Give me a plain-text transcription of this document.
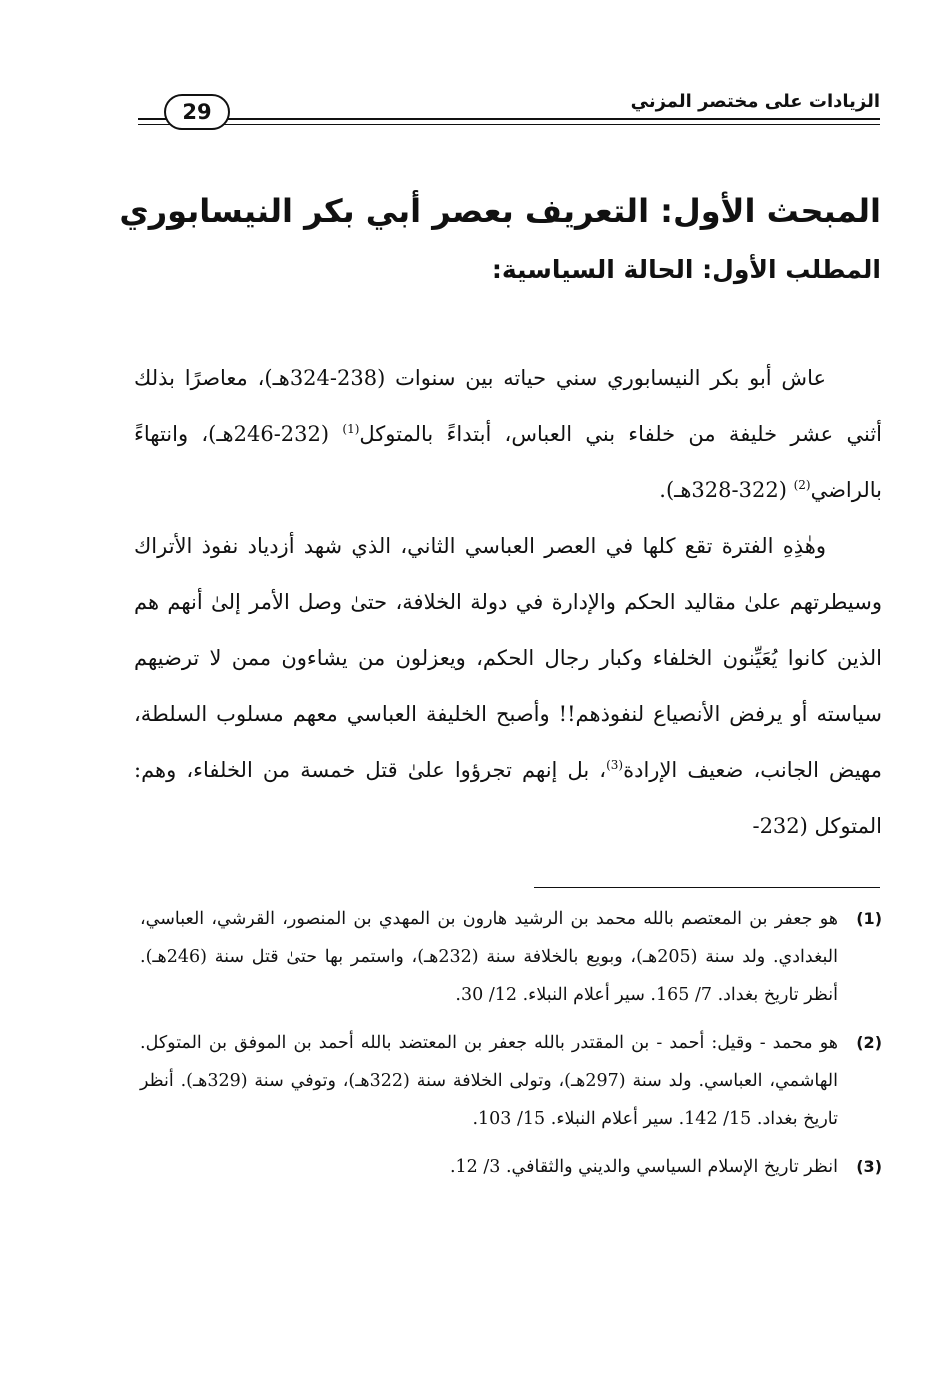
29	الزيادات على مختصر المزني
المبحث الأول: التعريف بعصر أبي بكر النيسابوري
المطلب الأول: الحالة السياسية:

عاش أبو بكر النيسابوري سني حياته بين سنوات (238-324هـ)، معاصرًا بذلك أثني عشر خليفة من خلفاء بني العباس، أبتداءً بالمتوكل$^{(1)}$ (232-246هـ)، وانتهاءً بالراضي$^{(2)}$ (322-328هـ).

وهٰذِهِ الفترة تقع كلها في العصر العباسي الثاني، الذي شهد أزدياد نفوذ الأتراك وسيطرتهم علىٰ مقاليد الحكم والإدارة في دولة الخلافة، حتىٰ وصل الأمر إلىٰ أنهم هم الذين كانوا يُعَيِّنون الخلفاء وكبار رجال الحكم، ويعزلون من يشاءون ممن لا ترضيهم سياسته أو يرفض الأنصياع لنفوذهم!! وأصبح الخليفة العباسي معهم مسلوب السلطة، مهيض الجانب، ضعيف الإرادة$^{(3)}$، بل إنهم تجرؤوا علىٰ قتل خمسة من الخلفاء، وهم: المتوكل (232-

(1)
هو جعفر بن المعتصم بالله محمد بن الرشيد هارون بن المهدي بن المنصور، القرشي، العباسي، البغدادي. ولد سنة (205هـ)، وبويع بالخلافة سنة (232هـ)، واستمر بها حتىٰ قتل سنة (246هـ). أنظر تاريخ بغداد. 7/ 165. سير أعلام النبلاء. 12/ 30.
(2)
هو محمد - وقيل: أحمد - بن المقتدر بالله جعفر بن المعتضد بالله أحمد بن الموفق بن المتوكل. الهاشمي، العباسي. ولد سنة (297هـ)، وتولى الخلافة سنة (322هـ)، وتوفي سنة (329هـ). أنظر تاريخ بغداد. 15/ 142. سير أعلام النبلاء. 15/ 103.
(3)
انظر تاريخ الإسلام السياسي والديني والثقافي. 3/ 12.
